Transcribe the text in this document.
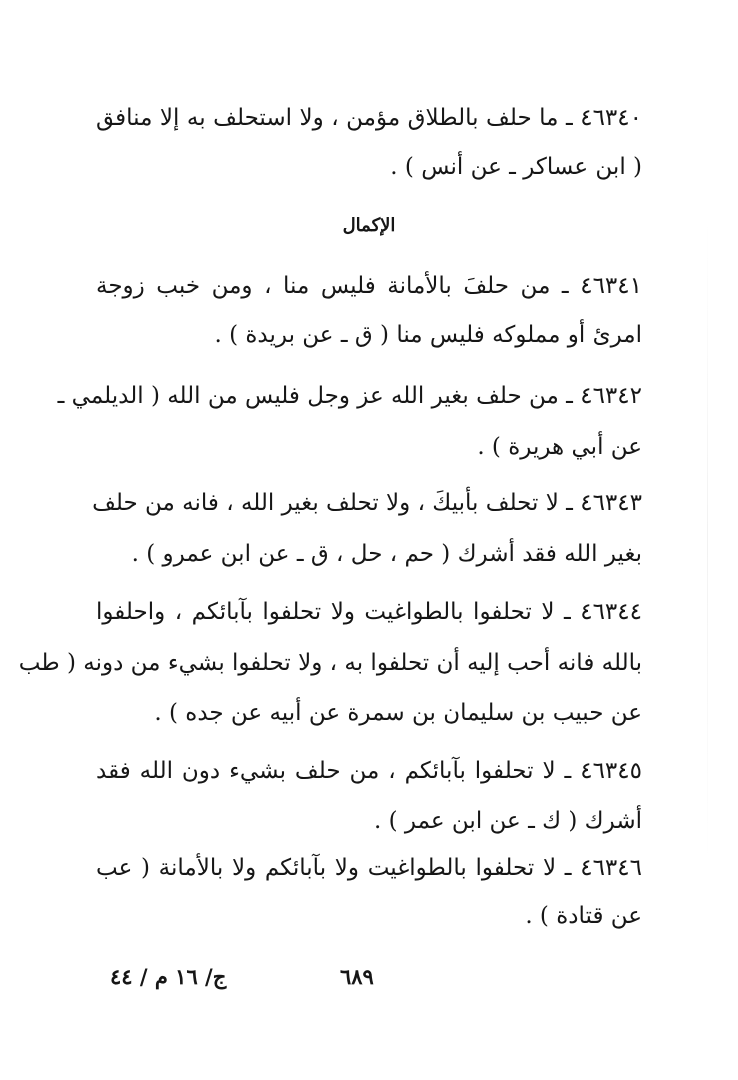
٤٦٣٤٠ ـ ما حلف بالطلاق مؤمن ، ولا استحلف به إلا منافق
( ابن عساكر ـ عن أنس ) .
الإكمال
٤٦٣٤١ ـ من حلفَ بالأمانة فليس منا ، ومن خبب زوجة
امرئ أو مملوكه فليس منا ( ق ـ عن بريدة ) .
٤٦٣٤٢ ـ من حلف بغير الله عز وجل فليس من الله ( الديلمي ـ
عن أبي هريرة ) .
٤٦٣٤٣ ـ لا تحلف بأبيكَ ، ولا تحلف بغير الله ، فانه من حلف
بغير الله فقد أشرك ( حم ، حل ، ق ـ عن ابن عمرو ) .
٤٦٣٤٤ ـ لا تحلفوا بالطواغيت ولا تحلفوا بآبائكم ، واحلفوا
بالله فانه أحب إليه أن تحلفوا به ، ولا تحلفوا بشيء من دونه ( طب
عن حبيب بن سليمان بن سمرة عن أبيه عن جده ) .
٤٦٣٤٥ ـ لا تحلفوا بآبائكم ، من حلف بشيء دون الله فقد
أشرك ( ك ـ عن ابن عمر ) .
٤٦٣٤٦ ـ لا تحلفوا بالطواغيت ولا بآبائكم ولا بالأمانة ( عب
عن قتادة ) .
٦٨٩
ج/ ١٦ م / ٤٤
